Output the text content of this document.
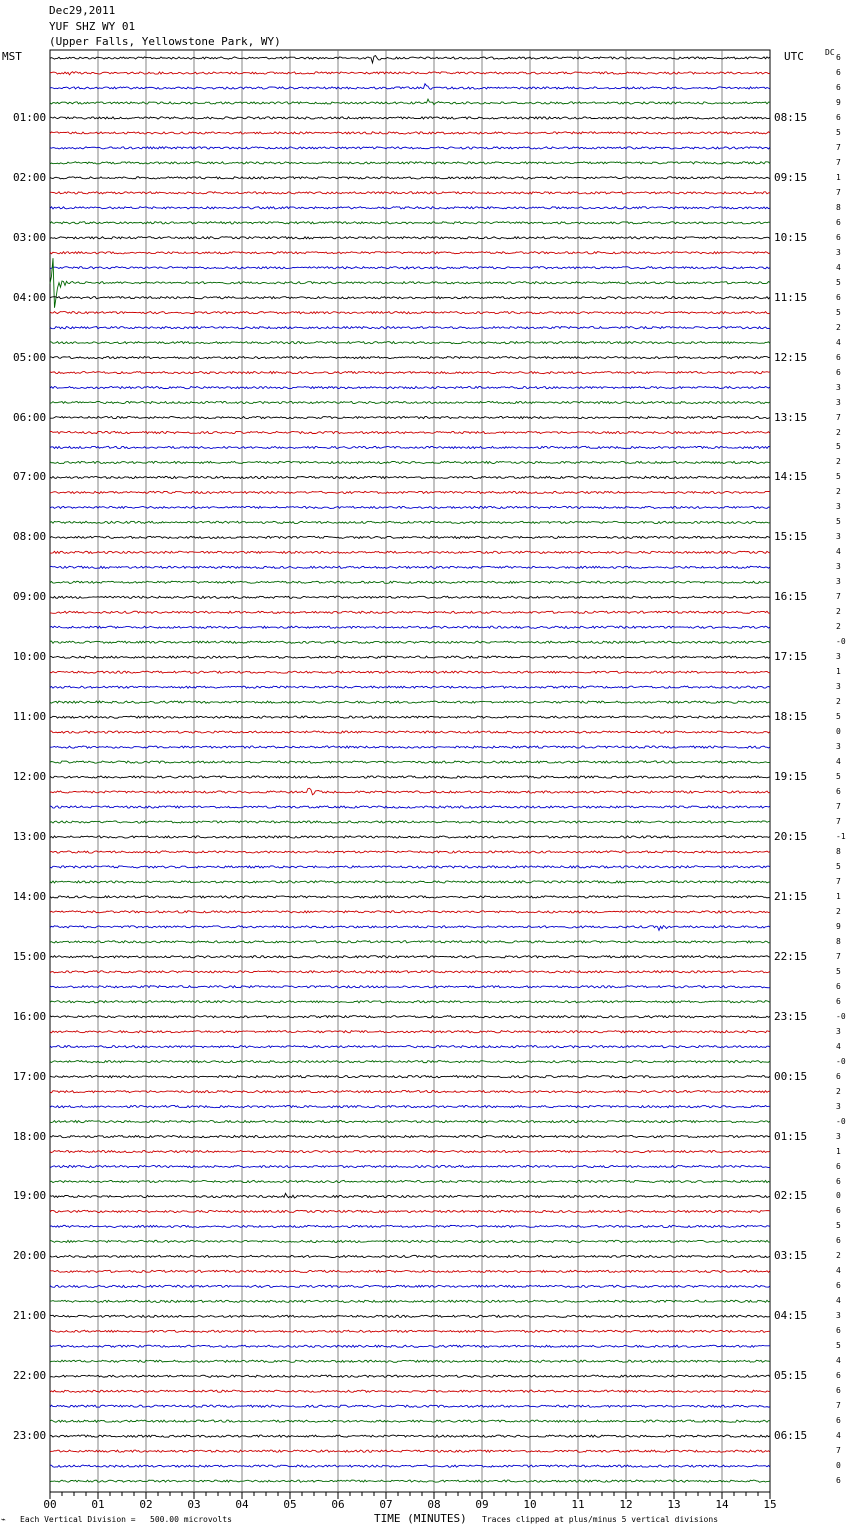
Dec29,2011
YUF SHZ WY 01
(Upper Falls, Yellowstone Park, WY)
MST	UTC	DC
01:00
02:00
03:00
04:00
05:00
06:00
07:00
08:00
09:00
10:00
11:00
12:00
13:00
14:00
15:00
16:00
17:00
18:00
19:00
20:00
21:00
22:00
23:00
08:15
09:15
10:15
11:15
12:15
13:15
14:15
15:15
16:15
17:15
18:15
19:15
20:15
21:15
22:15
23:15
00:15
01:15
02:15
03:15
04:15
05:15
06:15
6
6
6
9
6
5
7
7
1
7
8
6
6
3
4
5
6
5
2
4
6
6
3
3
7
2
5
2
5
2
3
5
3
4
3
3
7
2
2
-0
3
1
3
2
5
0
3
4
5
6
7
7
-1
8
5
7
1
2
9
8
7
5
6
6
-0
3
4
-0
6
2
3
-0
3
1
6
6
0
6
5
6
2
4
6
4
3
6
5
4
6
6
7
6
4
7
0
6
00	01	02	03	04	05	06	07	08	09	10	11	12	13	14	15
⌁ Each Vertical Division =   500.00 microvolts	TIME (MINUTES) Traces clipped at plus/minus 5 vertical divisions
